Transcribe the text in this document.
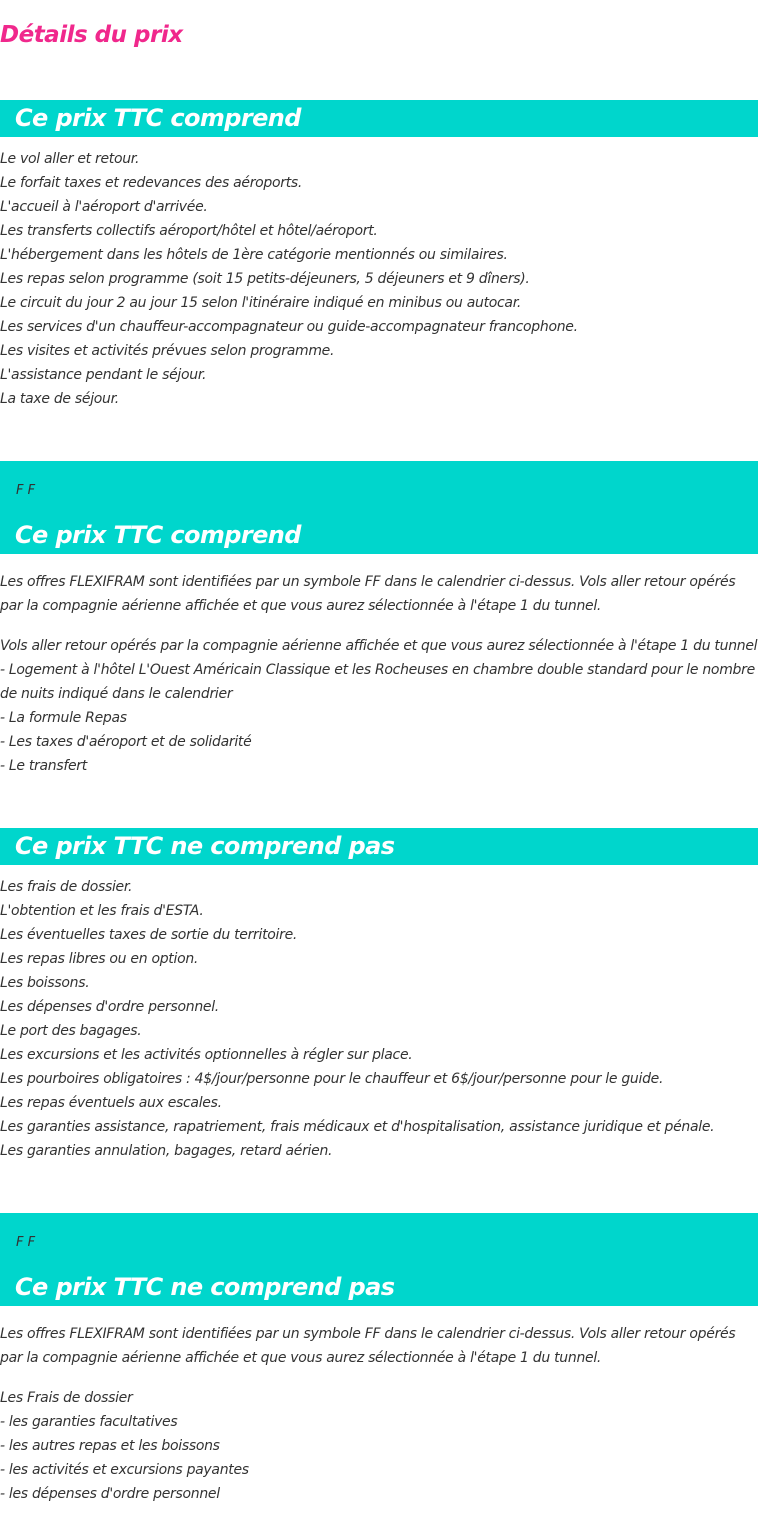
Détails du prix
Ce prix TTC comprend
Le vol aller et retour.
Le forfait taxes et redevances des aéroports.
L'accueil à l'aéroport d'arrivée.
Les transferts collectifs aéroport/hôtel et hôtel/aéroport.
L'hébergement dans les hôtels de 1ère catégorie mentionnés ou similaires.
Les repas selon programme (soit 15 petits-déjeuners, 5 déjeuners et 9 dîners).
Le circuit du jour 2 au jour 15 selon l'itinéraire indiqué en minibus ou autocar.
Les services d'un chauffeur-accompagnateur ou guide-accompagnateur francophone.
Les visites et activités prévues selon programme.
L'assistance pendant le séjour.
La taxe de séjour.
F F
Ce prix TTC comprend

Les offres FLEXIFRAM sont identifiées par un symbole FF dans le calendrier ci-dessus. Vols aller retour opérés par la compagnie aérienne affichée et que vous aurez sélectionnée à l'étape 1 du tunnel.

Vols aller retour opérés par la compagnie aérienne affichée et que vous aurez sélectionnée à l'étape 1 du tunnel
- Logement à l'hôtel L'Ouest Américain Classique et les Rocheuses en chambre double standard pour le nombre de nuits indiqué dans le calendrier
- La formule Repas
- Les taxes d'aéroport et de solidarité
- Le transfert
Ce prix TTC ne comprend pas
Les frais de dossier.
L'obtention et les frais d'ESTA.
Les éventuelles taxes de sortie du territoire.
Les repas libres ou en option.
Les boissons.
Les dépenses d'ordre personnel.
Le port des bagages.
Les excursions et les activités optionnelles à régler sur place.
Les pourboires obligatoires : 4$/jour/personne pour le chauffeur et 6$/jour/personne pour le guide.
Les repas éventuels aux escales.
Les garanties assistance, rapatriement, frais médicaux et d'hospitalisation, assistance juridique et pénale.
Les garanties annulation, bagages, retard aérien.
F F
Ce prix TTC ne comprend pas

Les offres FLEXIFRAM sont identifiées par un symbole FF dans le calendrier ci-dessus. Vols aller retour opérés par la compagnie aérienne affichée et que vous aurez sélectionnée à l'étape 1 du tunnel.

Les Frais de dossier
- les garanties facultatives
- les autres repas et les boissons
- les activités et excursions payantes
- les dépenses d'ordre personnel
